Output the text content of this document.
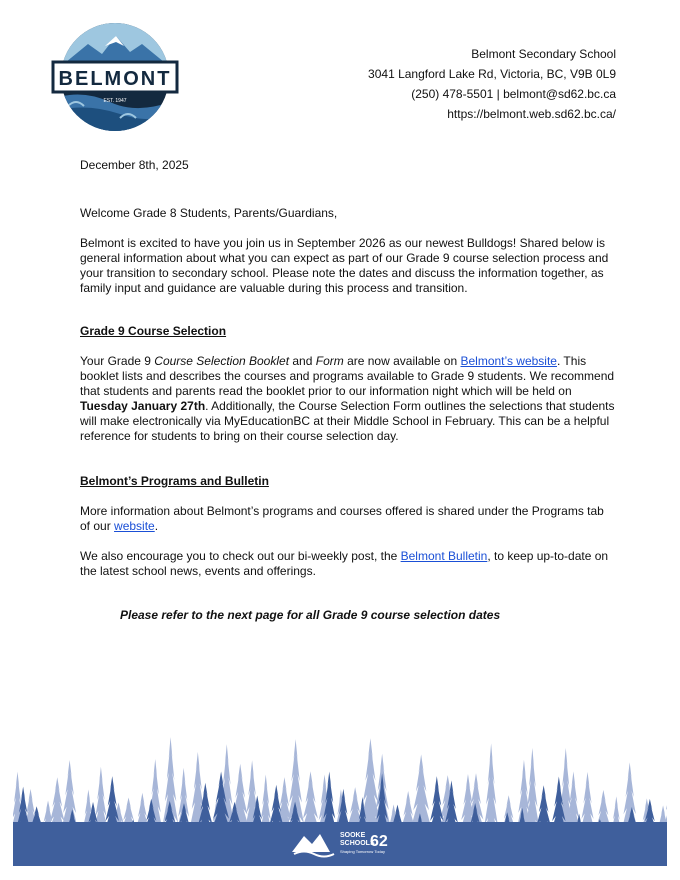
BELMONT
EST. 1947
Belmont Secondary School
3041 Langford Lake Rd, Victoria, BC, V9B 0L9
(250) 478-5501 | belmont@sd62.bc.ca
https://belmont.web.sd62.bc.ca/
December 8th, 2025
Welcome Grade 8 Students, Parents/Guardians,
Belmont is excited to have you join us in September 2026 as our newest Bulldogs! Shared below is general information about what you can expect as part of our Grade 9 course selection process and your transition to secondary school. Please note the dates and discuss the information together, as family input and guidance are valuable during this process and transition.
Grade 9 Course Selection
Your Grade 9 Course Selection Booklet and Form are now available on Belmont’s website. This booklet lists and describes the courses and programs available to Grade 9 students. We recommend that students and parents read the booklet prior to our information night which will be held on Tuesday January 27th. Additionally, the Course Selection Form outlines the selections that students will make electronically via MyEducationBC at their Middle School in February. This can be a helpful reference for students to bring on their course selection day.
Belmont’s Programs and Bulletin
More information about Belmont’s programs and courses offered is shared under the Programs tab of our website.
We also encourage you to check out our bi-weekly post, the Belmont Bulletin, to keep up-to-date on the latest school news, events and offerings.
Please refer to the next page for all Grade 9 course selection dates
SOOKE
SCHOOLS
62
Shaping Tomorrow Today
